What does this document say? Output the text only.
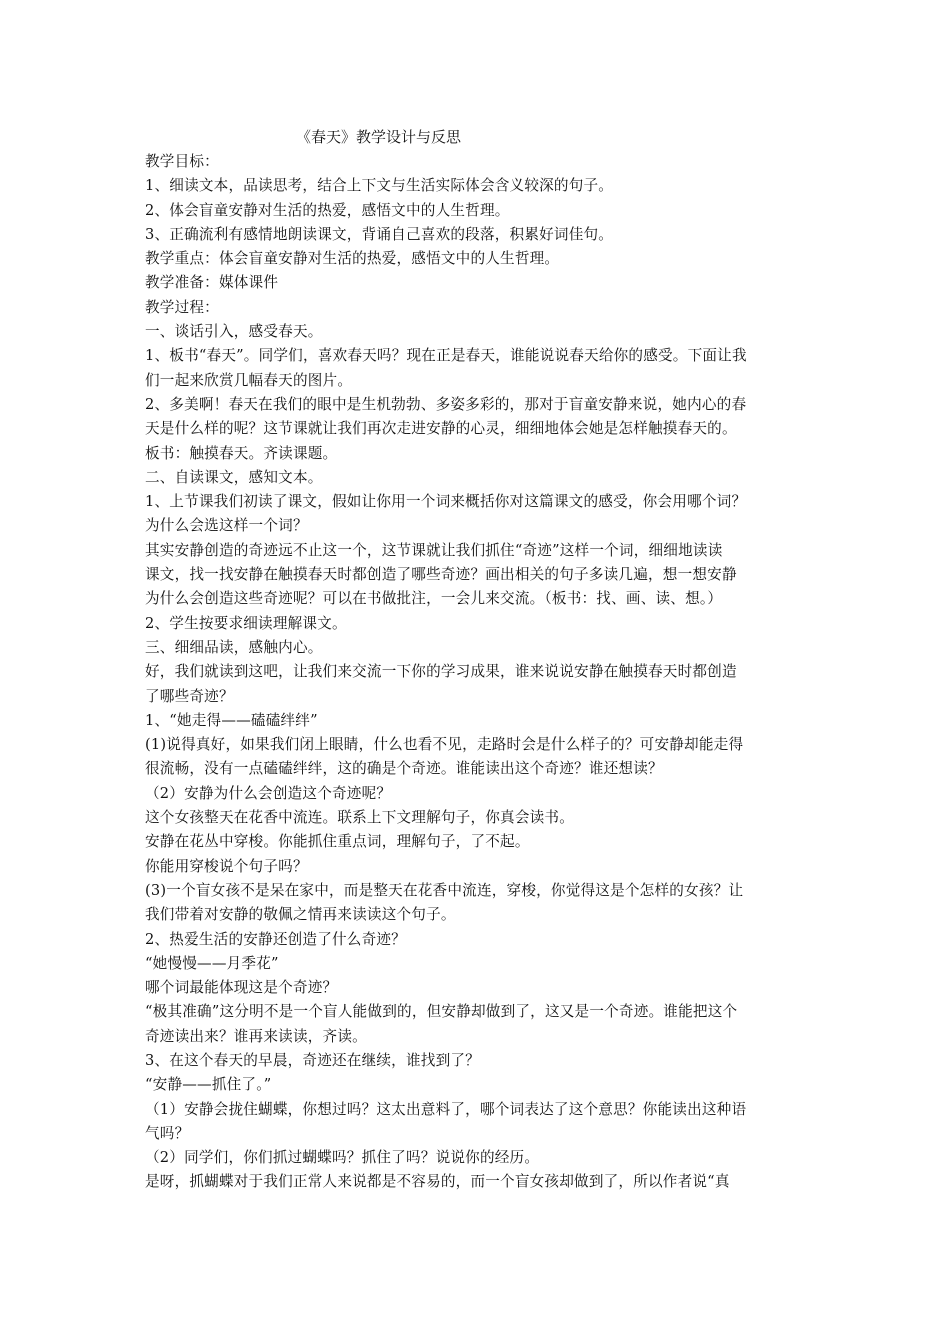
《春天》教学设计与反思
教学目标：
1、细读文本，品读思考，结合上下文与生活实际体会含义较深的句子。
2、体会盲童安静对生活的热爱，感悟文中的人生哲理。
3、正确流利有感情地朗读课文，背诵自己喜欢的段落，积累好词佳句。
教学重点：体会盲童安静对生活的热爱，感悟文中的人生哲理。
教学准备：媒体课件
教学过程：
一、谈话引入，感受春天。
1、板书“春天”。同学们，喜欢春天吗？现在正是春天，谁能说说春天给你的感受。下面让我
们一起来欣赏几幅春天的图片。
2、多美啊！春天在我们的眼中是生机勃勃、多姿多彩的，那对于盲童安静来说，她内心的春
天是什么样的呢？这节课就让我们再次走进安静的心灵，细细地体会她是怎样触摸春天的。
板书：触摸春天。齐读课题。
二、自读课文，感知文本。
1、上节课我们初读了课文，假如让你用一个词来概括你对这篇课文的感受，你会用哪个词？
为什么会选这样一个词？
其实安静创造的奇迹远不止这一个，这节课就让我们抓住“奇迹”这样一个词，细细地读读
课文，找一找安静在触摸春天时都创造了哪些奇迹？画出相关的句子多读几遍，想一想安静
为什么会创造这些奇迹呢？可以在书做批注，一会儿来交流。（板书：找、画、读、想。）
2、学生按要求细读理解课文。
三、细细品读，感触内心。
好，我们就读到这吧，让我们来交流一下你的学习成果，谁来说说安静在触摸春天时都创造
了哪些奇迹？
1、“她走得——磕磕绊绊”
(1)说得真好，如果我们闭上眼睛，什么也看不见，走路时会是什么样子的？可安静却能走得
很流畅，没有一点磕磕绊绊，这的确是个奇迹。谁能读出这个奇迹？谁还想读？
（2）安静为什么会创造这个奇迹呢？
这个女孩整天在花香中流连。联系上下文理解句子，你真会读书。
安静在花丛中穿梭。你能抓住重点词，理解句子，了不起。
你能用穿梭说个句子吗？
(3)一个盲女孩不是呆在家中，而是整天在花香中流连，穿梭，你觉得这是个怎样的女孩？让
我们带着对安静的敬佩之情再来读读这个句子。
2、热爱生活的安静还创造了什么奇迹？
“她慢慢——月季花”
哪个词最能体现这是个奇迹？
“极其准确”这分明不是一个盲人能做到的，但安静却做到了，这又是一个奇迹。谁能把这个
奇迹读出来？谁再来读读，齐读。
3、在这个春天的早晨，奇迹还在继续，谁找到了？
“安静——抓住了。”
（1）安静会拢住蝴蝶，你想过吗？这太出意料了，哪个词表达了这个意思？你能读出这种语
气吗？
（2）同学们，你们抓过蝴蝶吗？抓住了吗？说说你的经历。
是呀，抓蝴蝶对于我们正常人来说都是不容易的，而一个盲女孩却做到了，所以作者说“真
